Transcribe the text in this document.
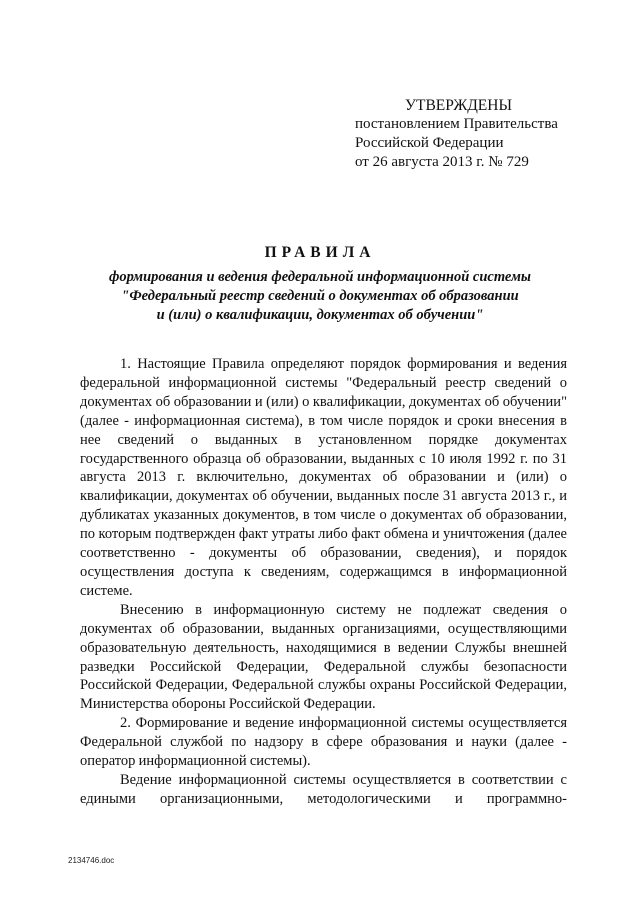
УТВЕРЖДЕНЫ
постановлением Правительства
Российской Федерации
от 26 августа 2013 г. № 729
ПРАВИЛА
формирования и ведения федеральной информационной системы
"Федеральный реестр сведений о документах об образовании
и (или) о квалификации, документах об обучении"

1. Настоящие Правила определяют порядок формирования и ведения федеральной информационной системы "Федеральный реестр сведений о документах об образовании и (или) о квалификации, документах об обучении" (далее - информационная система), в том числе порядок и сроки внесения в нее сведений о выданных в установленном порядке документах государственного образца об образовании, выданных с 10 июля 1992 г. по 31 августа 2013 г. включительно, документах об образовании и (или) о квалификации, документах об обучении, выданных после 31 августа 2013 г., и дубликатах указанных документов, в том числе о документах об образовании, по которым подтвержден факт утраты либо факт обмена и уничтожения (далее соответственно - документы об образовании, сведения), и порядок осуществления доступа к сведениям, содержащимся в информационной системе.

Внесению в информационную систему не подлежат сведения о документах об образовании, выданных организациями, осуществляющими образовательную деятельность, находящимися в ведении Службы внешней разведки Российской Федерации, Федеральной службы безопасности Российской Федерации, Федеральной службы охраны Российской Федерации, Министерства обороны Российской Федерации.

2. Формирование и ведение информационной системы осуществляется Федеральной службой по надзору в сфере образования и науки (далее - оператор информационной системы).

Ведение информационной системы осуществляется в соответствии с едиными организационными, методологическими и программно-

2134746.doc
